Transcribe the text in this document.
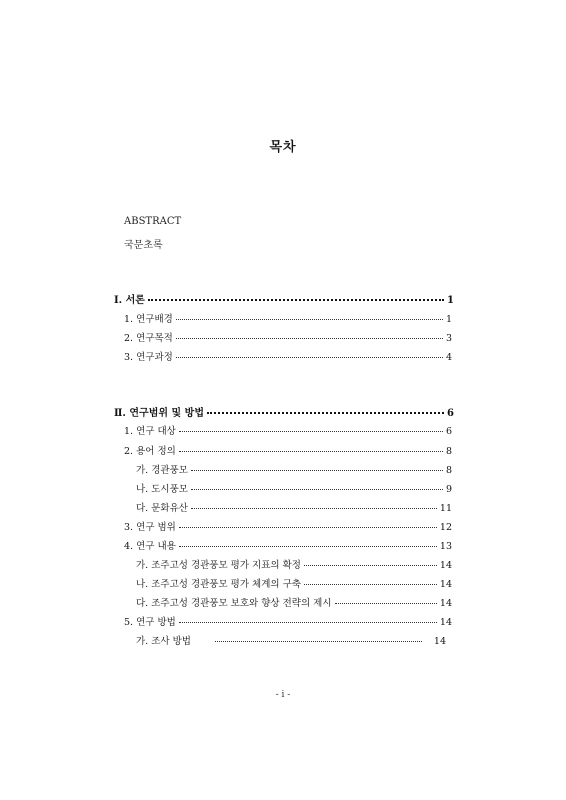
목차
ABSTRACT
국문초록
Ⅰ. 서론	1
1. 연구배경	1
2. 연구목적	3
3. 연구과정	4
Ⅱ. 연구범위 및 방법	6
1. 연구 대상	6
2. 용어 정의	8
가. 경관풍모	8
나. 도시풍모	9
다. 문화유산	11
3. 연구 범위	12
4. 연구 내용	13
가. 조주고성 경관풍모 평가 지표의 확정	14
나. 조주고성 경관풍모 평가 체계의 구축	14
다. 조주고성 경관풍모 보호와 향상 전략의 제시	14
5. 연구 방법	14
가. 조사 방법	14
- i -
